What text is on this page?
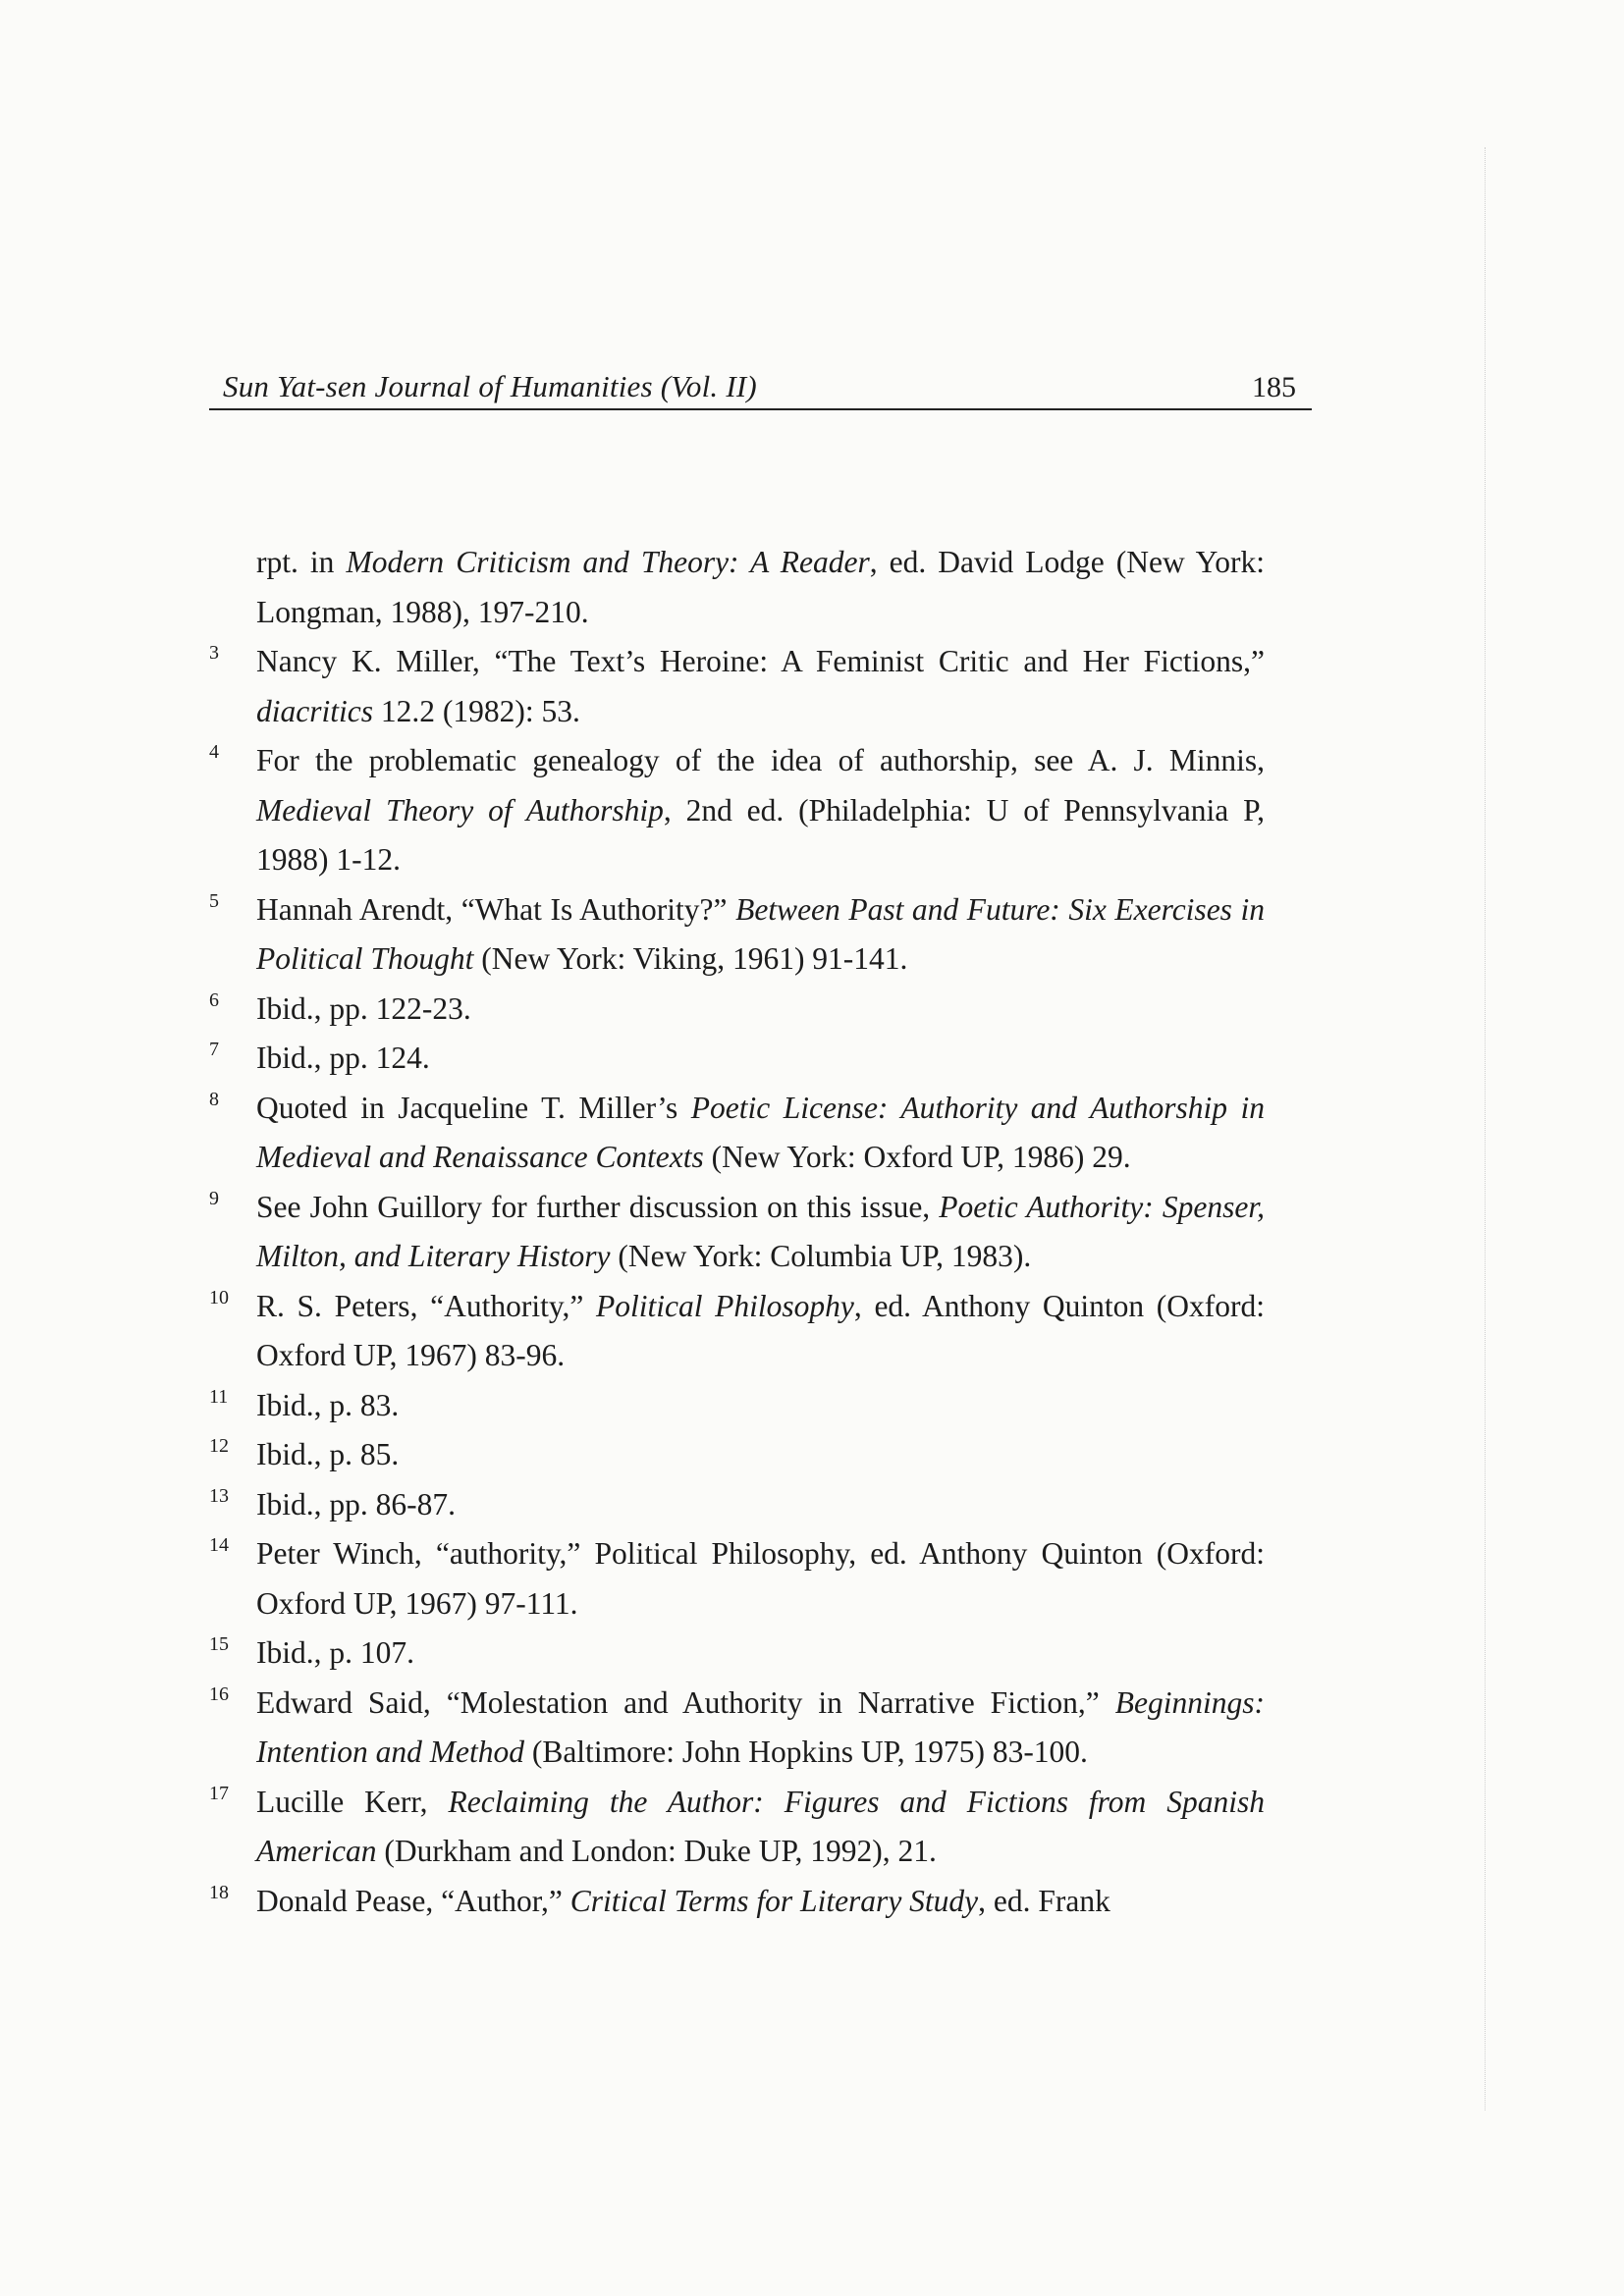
Sun Yat-sen Journal of Humanities (Vol. II)	185
rpt. in Modern Criticism and Theory: A Reader, ed. David Lodge (New York: Longman, 1988), 197-210.
3	Nancy K. Miller, “The Text’s Heroine: A Feminist Critic and Her Fictions,” diacritics 12.2 (1982): 53.
4	For the problematic genealogy of the idea of authorship, see A. J. Minnis, Medieval Theory of Authorship, 2nd ed. (Philadelphia: U of Pennsylvania P, 1988) 1-12.
5	Hannah Arendt, “What Is Authority?” Between Past and Future: Six Exercises in Political Thought (New York: Viking, 1961) 91-141.
6	Ibid., pp. 122-23.
7	Ibid., pp. 124.
8	Quoted in Jacqueline T. Miller’s Poetic License: Authority and Authorship in Medieval and Renaissance Contexts (New York: Oxford UP, 1986) 29.
9	See John Guillory for further discussion on this issue, Poetic Authority: Spenser, Milton, and Literary History (New York: Columbia UP, 1983).
10 R. S. Peters, “Authority,” Political Philosophy, ed. Anthony Quinton (Oxford: Oxford UP, 1967) 83-96.
11 Ibid., p. 83.
12 Ibid., p. 85.
13 Ibid., pp. 86-87.
14 Peter Winch, “authority,” Political Philosophy, ed. Anthony Quinton (Oxford: Oxford UP, 1967) 97-111.
15 Ibid., p. 107.
16 Edward Said, “Molestation and Authority in Narrative Fiction,” Beginnings: Intention and Method (Baltimore: John Hopkins UP, 1975) 83-100.
17 Lucille Kerr, Reclaiming the Author: Figures and Fictions from Spanish American (Durkham and London: Duke UP, 1992), 21.
18 Donald Pease, “Author,” Critical Terms for Literary Study, ed. Frank
